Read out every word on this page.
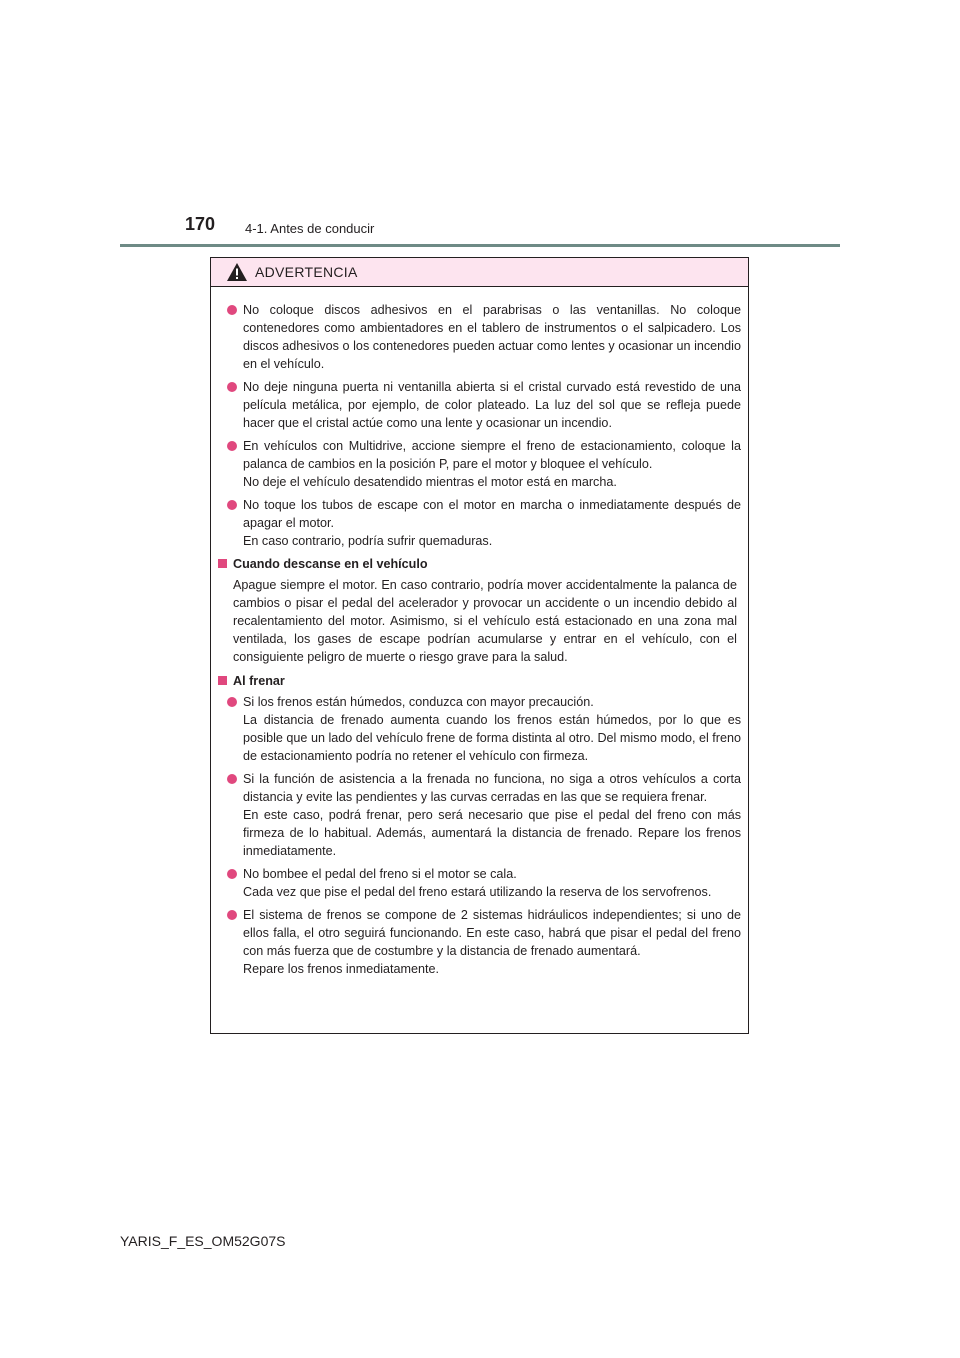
170 4-1. Antes de conducir
ADVERTENCIA

No coloque discos adhesivos en el parabrisas o las ventanillas. No coloque contenedores como ambientadores en el tablero de instrumentos o el salpicadero. Los discos adhesivos o los contenedores pueden actuar como lentes y ocasionar un incendio en el vehículo.

No deje ninguna puerta ni ventanilla abierta si el cristal curvado está revestido de una película metálica, por ejemplo, de color plateado. La luz del sol que se refleja puede hacer que el cristal actúe como una lente y ocasionar un incendio.

En vehículos con Multidrive, accione siempre el freno de estacionamiento, coloque la palanca de cambios en la posición P, pare el motor y bloquee el vehículo.

No deje el vehículo desatendido mientras el motor está en marcha.

No toque los tubos de escape con el motor en marcha o inmediatamente después de apagar el motor.

En caso contrario, podría sufrir quemaduras.

Cuando descanse en el vehículo

Apague siempre el motor. En caso contrario, podría mover accidentalmente la palanca de cambios o pisar el pedal del acelerador y provocar un accidente o un incendio debido al recalentamiento del motor. Asimismo, si el vehículo está estacionado en una zona mal ventilada, los gases de escape podrían acumularse y entrar en el vehículo, con el consiguiente peligro de muerte o riesgo grave para la salud.

Al frenar

Si los frenos están húmedos, conduzca con mayor precaución.

La distancia de frenado aumenta cuando los frenos están húmedos, por lo que es posible que un lado del vehículo frene de forma distinta al otro. Del mismo modo, el freno de estacionamiento podría no retener el vehículo con firmeza.

Si la función de asistencia a la frenada no funciona, no siga a otros vehículos a corta distancia y evite las pendientes y las curvas cerradas en las que se requiera frenar.

En este caso, podrá frenar, pero será necesario que pise el pedal del freno con más firmeza de lo habitual. Además, aumentará la distancia de frenado. Repare los frenos inmediatamente.

No bombee el pedal del freno si el motor se cala.

Cada vez que pise el pedal del freno estará utilizando la reserva de los servofrenos.

El sistema de frenos se compone de 2 sistemas hidráulicos independientes; si uno de ellos falla, el otro seguirá funcionando. En este caso, habrá que pisar el pedal del freno con más fuerza que de costumbre y la distancia de frenado aumentará.

Repare los frenos inmediatamente.

YARIS_F_ES_OM52G07S
